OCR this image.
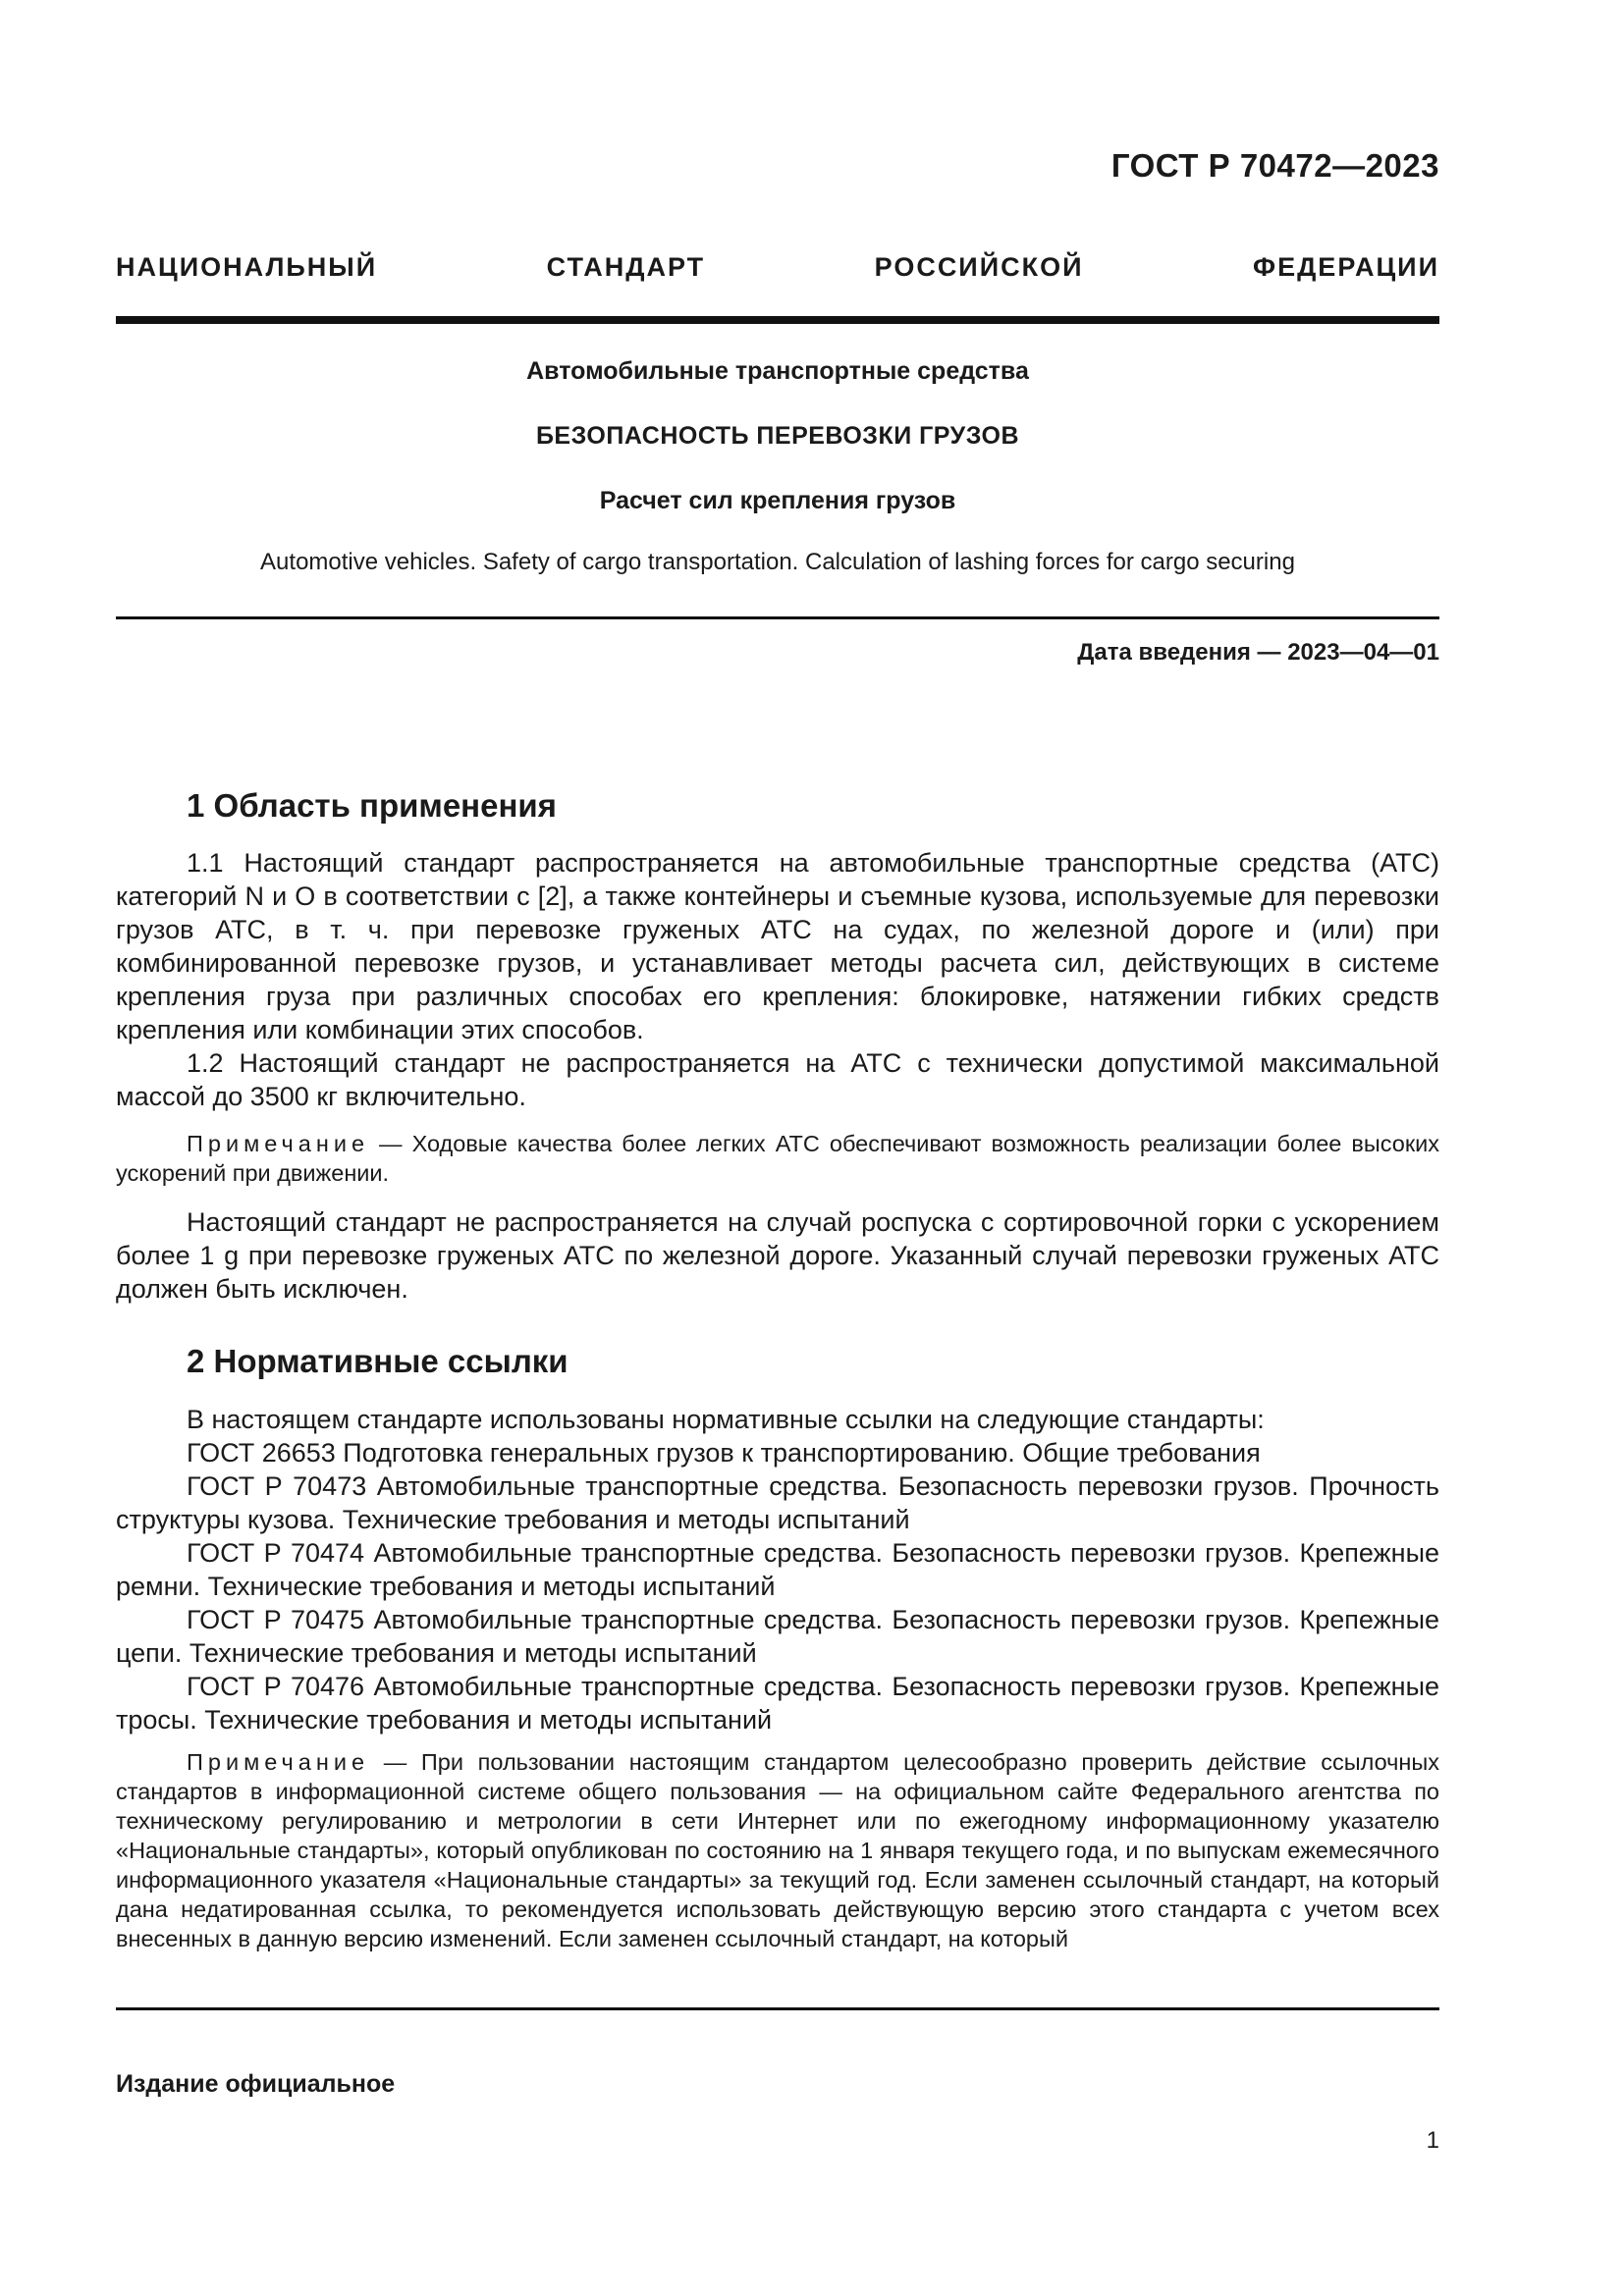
ГОСТ Р 70472—2023
НАЦИОНАЛЬНЫЙ СТАНДАРТ РОССИЙСКОЙ ФЕДЕРАЦИИ
Автомобильные транспортные средства
БЕЗОПАСНОСТЬ ПЕРЕВОЗКИ ГРУЗОВ
Расчет сил крепления грузов
Automotive vehicles. Safety of cargo transportation. Calculation of lashing forces for cargo securing
Дата введения — 2023—04—01
1 Область применения

1.1 Настоящий стандарт распространяется на автомобильные транспортные средства (АТС) категорий N и O в соответствии с [2], а также контейнеры и съемные кузова, используемые для перевозки грузов АТС, в т. ч. при перевозке груженых АТС на судах, по железной дороге и (или) при комбинированной перевозке грузов, и устанавливает методы расчета сил, действующих в системе крепления груза при различных способах его крепления: блокировке, натяжении гибких средств крепления или комбинации этих способов.

1.2 Настоящий стандарт не распространяется на АТС с технически допустимой максимальной массой до 3500 кг включительно.

Примечание — Ходовые качества более легких АТС обеспечивают возможность реализации более высоких ускорений при движении.

Настоящий стандарт не распространяется на случай роспуска с сортировочной горки с ускорением более 1 g при перевозке груженых АТС по железной дороге. Указанный случай перевозки груженых АТС должен быть исключен.

2 Нормативные ссылки

В настоящем стандарте использованы нормативные ссылки на следующие стандарты:

ГОСТ 26653 Подготовка генеральных грузов к транспортированию. Общие требования

ГОСТ Р 70473 Автомобильные транспортные средства. Безопасность перевозки грузов. Прочность структуры кузова. Технические требования и методы испытаний

ГОСТ Р 70474 Автомобильные транспортные средства. Безопасность перевозки грузов. Крепежные ремни. Технические требования и методы испытаний

ГОСТ Р 70475 Автомобильные транспортные средства. Безопасность перевозки грузов. Крепежные цепи. Технические требования и методы испытаний

ГОСТ Р 70476 Автомобильные транспортные средства. Безопасность перевозки грузов. Крепежные тросы. Технические требования и методы испытаний

Примечание — При пользовании настоящим стандартом целесообразно проверить действие ссылочных стандартов в информационной системе общего пользования — на официальном сайте Федерального агентства по техническому регулированию и метрологии в сети Интернет или по ежегодному информационному указателю «Национальные стандарты», который опубликован по состоянию на 1 января текущего года, и по выпускам ежемесячного информационного указателя «Национальные стандарты» за текущий год. Если заменен ссылочный стандарт, на который дана недатированная ссылка, то рекомендуется использовать действующую версию этого стандарта с учетом всех внесенных в данную версию изменений. Если заменен ссылочный стандарт, на который

Издание официальное
1
